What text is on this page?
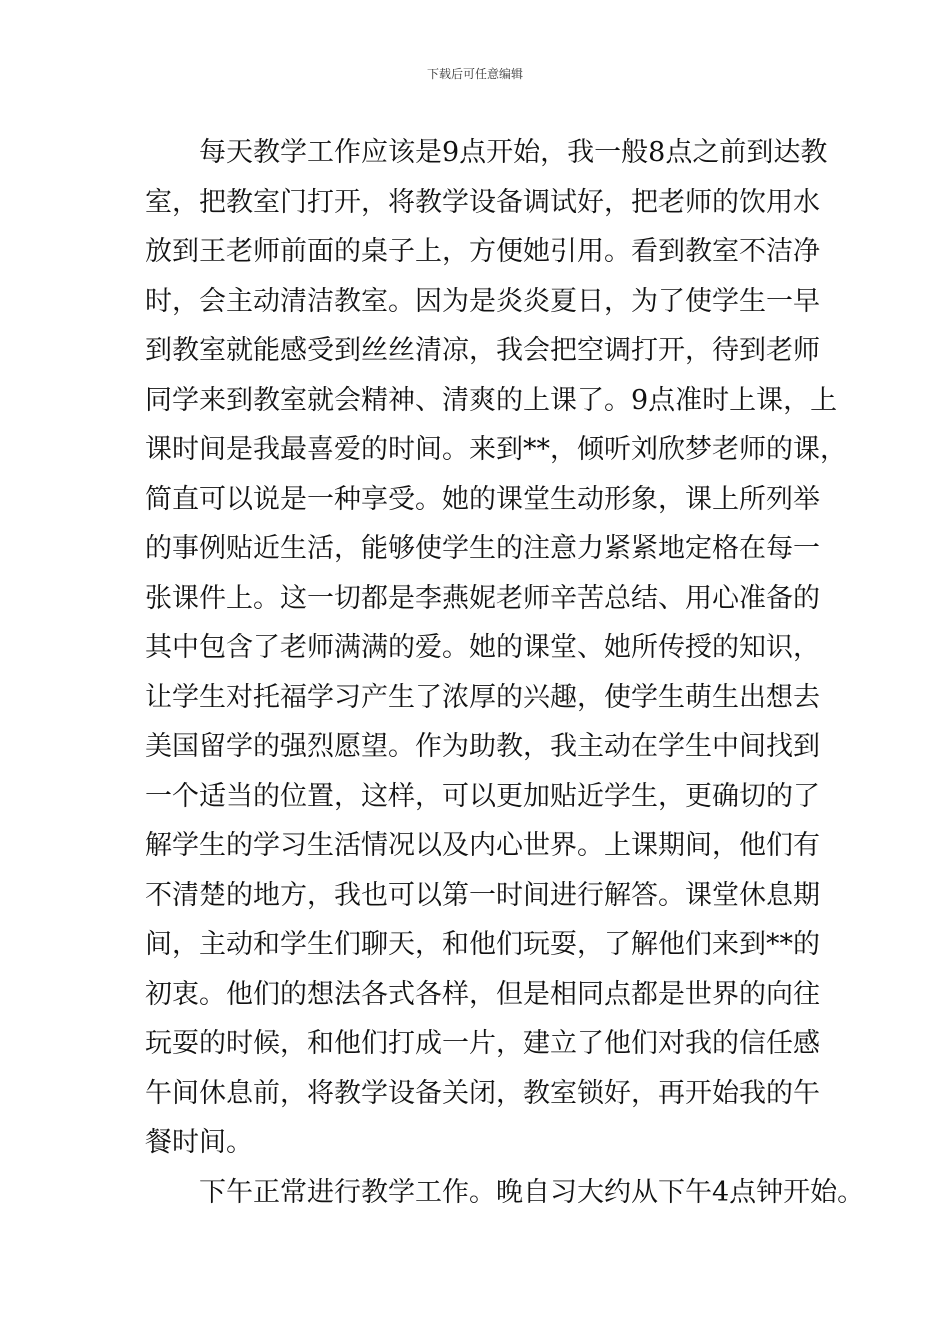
下载后可任意编辑
每天教学工作应该是9点开始，我一般8点之前到达教
室，把教室门打开，将教学设备调试好，把老师的饮用水
放到王老师前面的桌子上，方便她引用。看到教室不洁净
时，会主动清洁教室。因为是炎炎夏日，为了使学生一早
到教室就能感受到丝丝清凉，我会把空调打开，待到老师
同学来到教室就会精神、清爽的上课了。9点准时上课，上
课时间是我最喜爱的时间。来到**，倾听刘欣梦老师的课，
简直可以说是一种享受。她的课堂生动形象，课上所列举
的事例贴近生活，能够使学生的注意力紧紧地定格在每一
张课件上。这一切都是李燕妮老师辛苦总结、用心准备的
其中包含了老师满满的爱。她的课堂、她所传授的知识，
让学生对托福学习产生了浓厚的兴趣，使学生萌生出想去
美国留学的强烈愿望。作为助教，我主动在学生中间找到
一个适当的位置，这样，可以更加贴近学生，更确切的了
解学生的学习生活情况以及内心世界。上课期间，他们有
不清楚的地方，我也可以第一时间进行解答。课堂休息期
间，主动和学生们聊天，和他们玩耍，了解他们来到**的
初衷。他们的想法各式各样，但是相同点都是世界的向往
玩耍的时候，和他们打成一片，建立了他们对我的信任感
午间休息前，将教学设备关闭，教室锁好，再开始我的午
餐时间。
下午正常进行教学工作。晚自习大约从下午4点钟开始。
